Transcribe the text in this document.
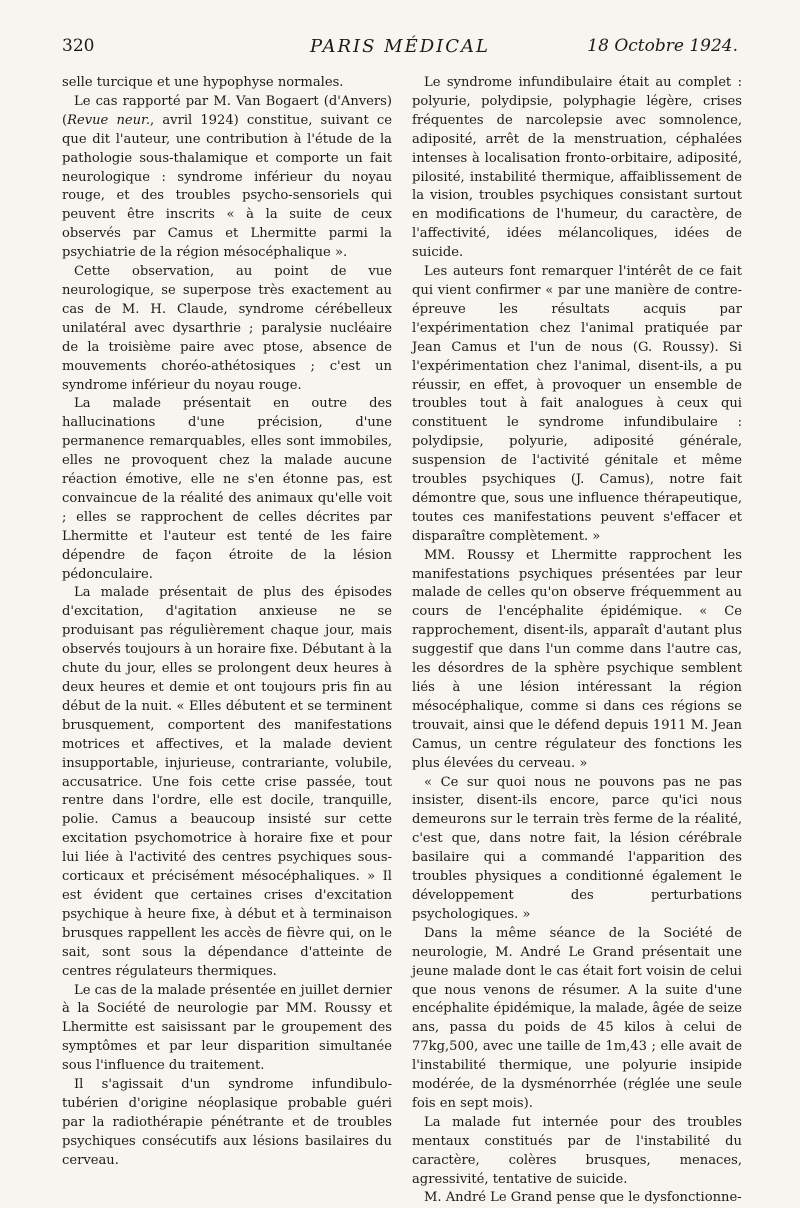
320	PARIS MÉDICAL	18 Octobre 1924.

selle turcique et une hypophyse normales.

Le cas rapporté par M. Van Bogaert (d'Anvers) (Revue neur., avril 1924) constitue, suivant ce que dit l'auteur, une contribution à l'étude de la pathologie sous-thalamique et comporte un fait neurologique : syndrome inférieur du noyau rouge, et des troubles psycho-sensoriels qui peuvent être inscrits « à la suite de ceux observés par Camus et Lhermitte parmi la psychiatrie de la région mésocéphalique ».

Cette observation, au point de vue neurologique, se superpose très exactement au cas de M. H. Claude, syndrome cérébelleux unilatéral avec dysarthrie ; paralysie nucléaire de la troisième paire avec ptose, absence de mouvements choréo-athétosiques ; c'est un syndrome inférieur du noyau rouge.

La malade présentait en outre des hallucinations d'une précision, d'une permanence remarquables, elles sont immobiles, elles ne provoquent chez la malade aucune réaction émotive, elle ne s'en étonne pas, est convaincue de la réalité des animaux qu'elle voit ; elles se rapprochent de celles décrites par Lhermitte et l'auteur est tenté de les faire dépendre de façon étroite de la lésion pédonculaire.

La malade présentait de plus des épisodes d'excitation, d'agitation anxieuse ne se produisant pas régulièrement chaque jour, mais observés toujours à un horaire fixe. Débutant à la chute du jour, elles se prolongent deux heures à deux heures et demie et ont toujours pris fin au début de la nuit. « Elles débutent et se terminent brusquement, comportent des manifestations motrices et affectives, et la malade devient insupportable, injurieuse, contrariante, volubile, accusatrice. Une fois cette crise passée, tout rentre dans l'ordre, elle est docile, tranquille, polie. Camus a beaucoup insisté sur cette excitation psychomotrice à horaire fixe et pour lui liée à l'activité des centres psychiques sous-corticaux et précisément mésocéphaliques. » Il est évident que certaines crises d'excitation psychique à heure fixe, à début et à terminaison brusques rappellent les accès de fièvre qui, on le sait, sont sous la dépendance d'atteinte de centres régulateurs thermiques.

Le cas de la malade présentée en juillet dernier à la Société de neurologie par MM. Roussy et Lhermitte est saisissant par le groupement des symptômes et par leur disparition simultanée sous l'influence du traitement.

Il s'agissait d'un syndrome infundibulo-tubérien d'origine néoplasique probable guéri par la radiothérapie pénétrante et de troubles psychiques consécutifs aux lésions basilaires du cerveau.

Le syndrome infundibulaire était au complet : polyurie, polydipsie, polyphagie légère, crises fréquentes de narcolepsie avec somnolence, adiposité, arrêt de la menstruation, céphalées intenses à localisation fronto-orbitaire, adiposité, pilosité, instabilité thermique, affaiblissement de la vision, troubles psychiques consistant surtout en modifications de l'humeur, du caractère, de l'affectivité, idées mélancoliques, idées de suicide.

Les auteurs font remarquer l'intérêt de ce fait qui vient confirmer « par une manière de contre-épreuve les résultats acquis par l'expérimentation chez l'animal pratiquée par Jean Camus et l'un de nous (G. Roussy). Si l'expérimentation chez l'animal, disent-ils, a pu réussir, en effet, à provoquer un ensemble de troubles tout à fait analogues à ceux qui constituent le syndrome infundibulaire : polydipsie, polyurie, adiposité générale, suspension de l'activité génitale et même troubles psychiques (J. Camus), notre fait démontre que, sous une influence thérapeutique, toutes ces manifestations peuvent s'effacer et disparaître complètement. »

MM. Roussy et Lhermitte rapprochent les manifestations psychiques présentées par leur malade de celles qu'on observe fréquemment au cours de l'encéphalite épidémique. « Ce rapprochement, disent-ils, apparaît d'autant plus suggestif que dans l'un comme dans l'autre cas, les désordres de la sphère psychique semblent liés à une lésion intéressant la région mésocéphalique, comme si dans ces régions se trouvait, ainsi que le défend depuis 1911 M. Jean Camus, un centre régulateur des fonctions les plus élevées du cerveau. »

« Ce sur quoi nous ne pouvons pas ne pas insister, disent-ils encore, parce qu'ici nous demeurons sur le terrain très ferme de la réalité, c'est que, dans notre fait, la lésion cérébrale basilaire qui a commandé l'apparition des troubles physiques a conditionné également le développement des perturbations psychologiques. »

Dans la même séance de la Société de neurologie, M. André Le Grand présentait une jeune malade dont le cas était fort voisin de celui que nous venons de résumer. A la suite d'une encéphalite épidémique, la malade, âgée de seize ans, passa du poids de 45 kilos à celui de 77kg,500, avec une taille de 1m,43 ; elle avait de l'instabilité thermique, une polyurie insipide modérée, de la dysménorrhée (réglée une seule fois en sept mois).

La malade fut internée pour des troubles mentaux constitués par de l'instabilité du caractère, colères brusques, menaces, agressivité, tentative de suicide.

M. André Le Grand pense que le dysfonctionne-
